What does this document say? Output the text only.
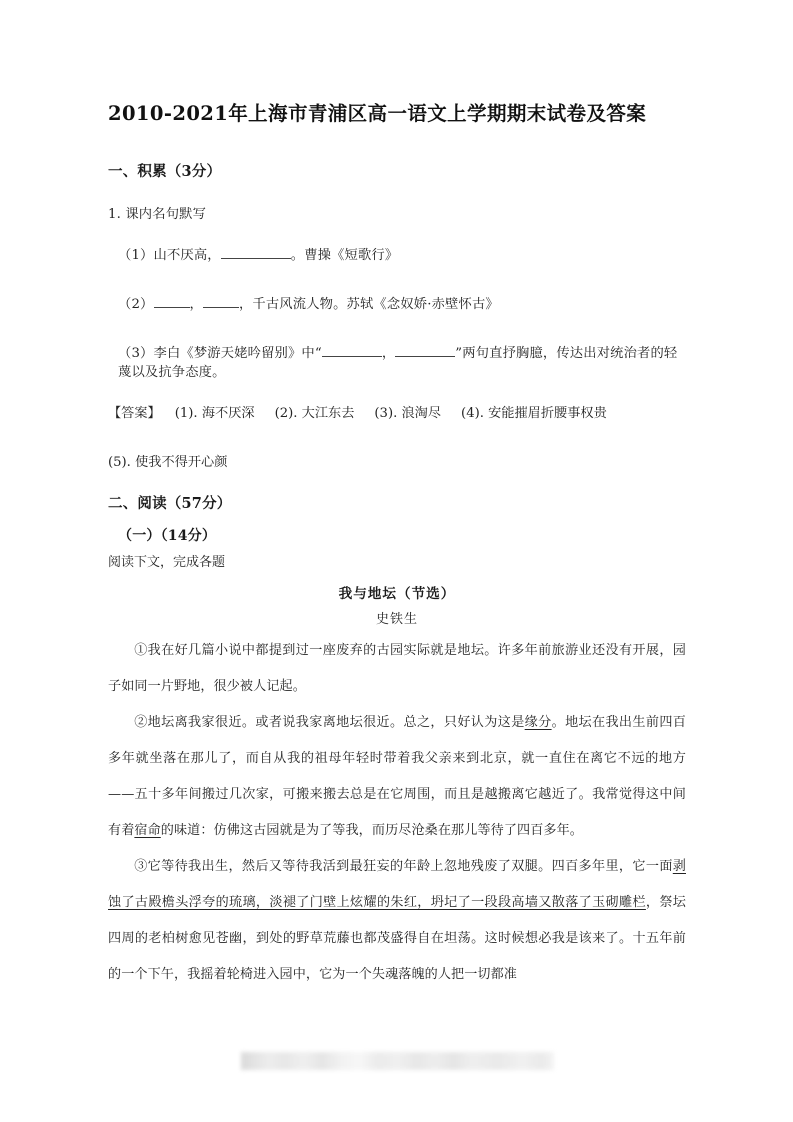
2010-2021年上海市青浦区高一语文上学期期末试卷及答案
一、积累（3分）
1. 课内名句默写
（1）山不厌高，	。曹操《短歌行》
（2）	，	，千古风流人物。苏轼《念奴娇·赤壁怀古》
（3）李白《梦游天姥吟留别》中“	，	”两句直抒胸臆，传达出对统治者的轻蔑以及抗争态度。
【答案】 (1). 海不厌深 (2). 大江东去 (3). 浪淘尽 (4). 安能摧眉折腰事权贵
(5). 使我不得开心颜
二、阅读（57分）
（一）（14分）
阅读下文，完成各题
我与地坛（节选）
史铁生

①我在好几篇小说中都提到过一座废弃的古园实际就是地坛。许多年前旅游业还没有开展，园子如同一片野地，很少被人记起。

②地坛离我家很近。或者说我家离地坛很近。总之，只好认为这是缘分。地坛在我出生前四百多年就坐落在那儿了，而自从我的祖母年轻时带着我父亲来到北京，就一直住在离它不远的地方——五十多年间搬过几次家，可搬来搬去总是在它周围，而且是越搬离它越近了。我常觉得这中间有着宿命的味道：仿佛这古园就是为了等我，而历尽沧桑在那儿等待了四百多年。

③它等待我出生，然后又等待我活到最狂妄的年龄上忽地残废了双腿。四百多年里，它一面剥蚀了古殿檐头浮夸的琉璃，淡褪了门壁上炫耀的朱红，坍圮了一段段高墙又散落了玉砌雕栏，祭坛四周的老柏树愈见苍幽，到处的野草荒藤也都茂盛得自在坦荡。这时候想必我是该来了。十五年前的一个下午，我摇着轮椅进入园中，它为一个失魂落魄的人把一切都准
